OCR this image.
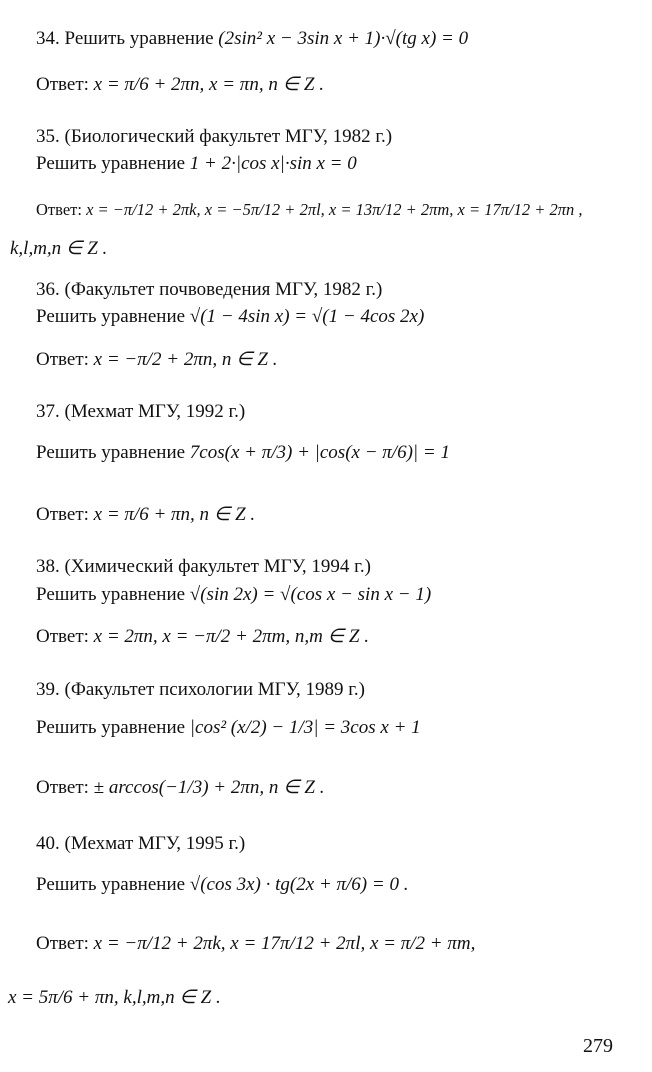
34. Решить уравнение (2sin² x − 3sin x + 1)·√(tg x) = 0
Ответ: x = π/6 + 2πn, x = πn, n ∈ Z .
35. (Биологический факультет МГУ, 1982 г.)
Решить уравнение 1 + 2·|cos x|·sin x = 0
Ответ: x = −π/12 + 2πk, x = −5π/12 + 2πl, x = 13π/12 + 2πm, x = 17π/12 + 2πn ,
k,l,m,n ∈ Z .
36. (Факультет почвоведения МГУ, 1982 г.)
Решить уравнение √(1 − 4sin x) = √(1 − 4cos 2x)
Ответ: x = −π/2 + 2πn, n ∈ Z .
37. (Мехмат МГУ, 1992 г.)
Решить уравнение 7cos(x + π/3) + |cos(x − π/6)| = 1
Ответ: x = π/6 + πn, n ∈ Z .
38. (Химический факультет МГУ, 1994 г.)
Решить уравнение √(sin 2x) = √(cos x − sin x − 1)
Ответ: x = 2πn, x = −π/2 + 2πm, n,m ∈ Z .
39. (Факультет психологии МГУ, 1989 г.)
Решить уравнение |cos² (x/2) − 1/3| = 3cos x + 1
Ответ: ± arccos(−1/3) + 2πn, n ∈ Z .
40. (Мехмат МГУ, 1995 г.)
Решить уравнение √(cos 3x) · tg(2x + π/6) = 0 .
Ответ: x = −π/12 + 2πk, x = 17π/12 + 2πl, x = π/2 + πm,
x = 5π/6 + πn, k,l,m,n ∈ Z .
279
